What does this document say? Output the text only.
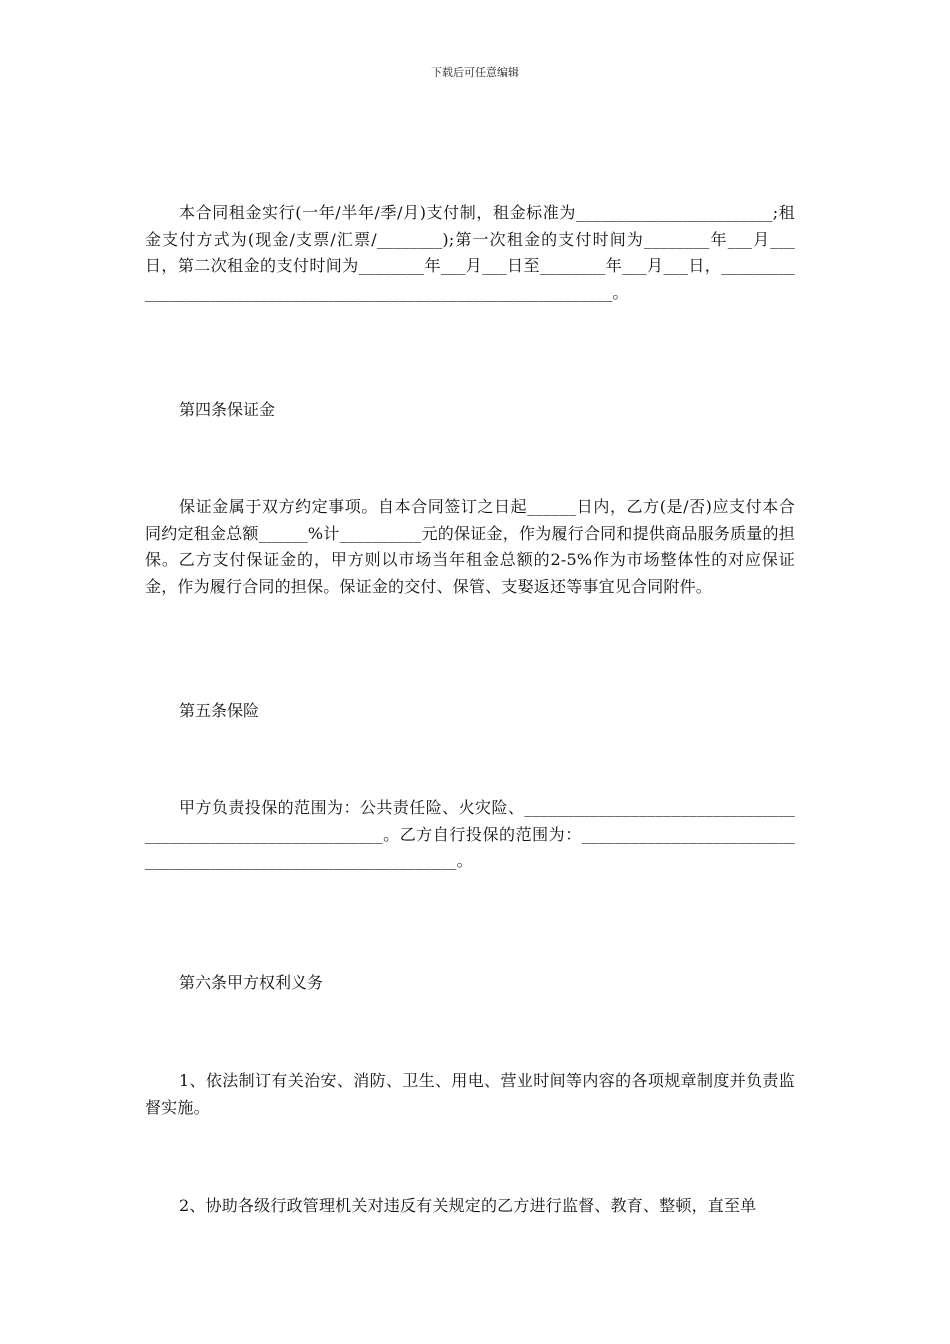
下载后可任意编辑
本合同租金实行(一年/半年/季/月)支付制，租金标准为________________________;租金支付方式为(现金/支票/汇票/________);第一次租金的支付时间为________年___月___日，第二次租金的支付时间为________年___月___日至________年___月___日，__________________________________________________________________。
第四条保证金
保证金属于双方约定事项。自本合同签订之日起______日内，乙方(是/否)应支付本合同约定租金总额______%计__________元的保证金，作为履行合同和提供商品服务质量的担保。乙方支付保证金的，甲方则以市场当年租金总额的2-5%作为市场整体性的对应保证金，作为履行合同的担保。保证金的交付、保管、支娶返还等事宜见合同附件。
第五条保险
甲方负责投保的范围为：公共责任险、火灾险、______________________________________________________________。乙方自行投保的范围为：________________________________________________________________。
第六条甲方权利义务
1、依法制订有关治安、消防、卫生、用电、营业时间等内容的各项规章制度并负责监督实施。
2、协助各级行政管理机关对违反有关规定的乙方进行监督、教育、整顿，直至单
